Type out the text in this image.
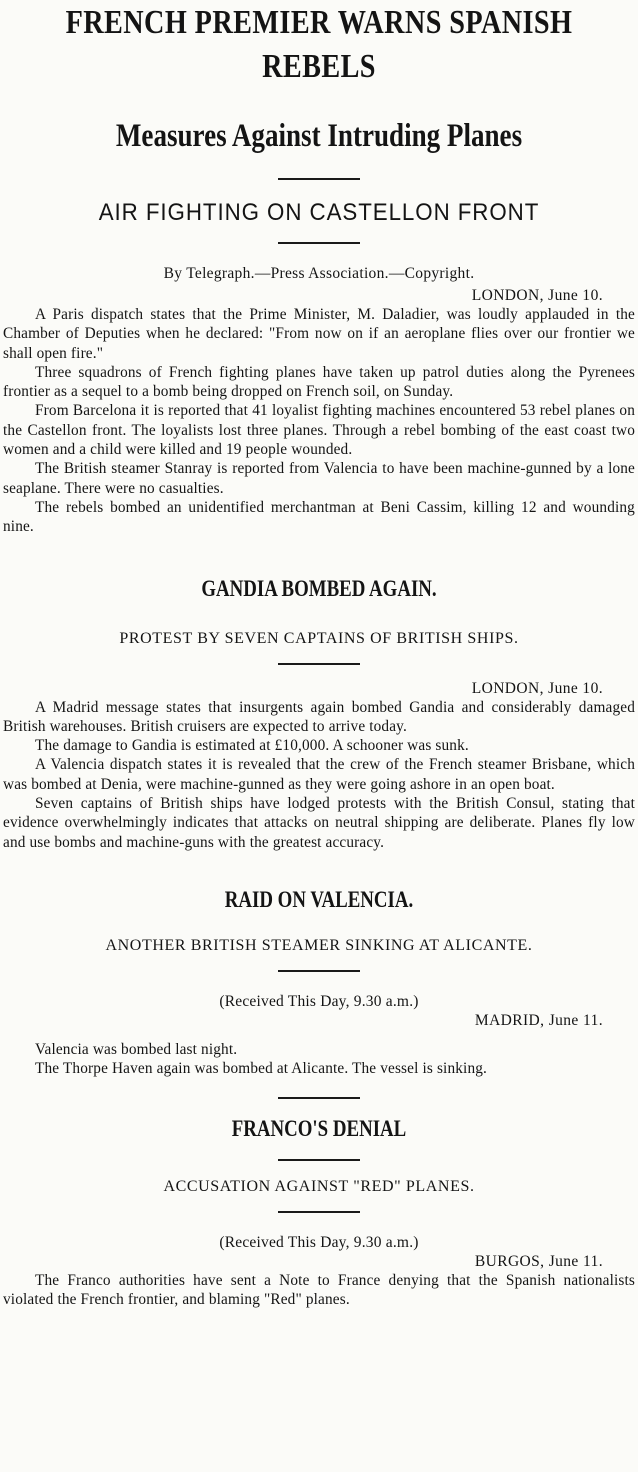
FRENCH PREMIER WARNS SPANISH
REBELS
Measures Against Intruding Planes
AIR FIGHTING ON CASTELLON FRONT
By Telegraph.—Press Association.—Copyright.
LONDON, June 10.

A Paris dispatch states that the Prime Minister, M. Daladier, was loudly applauded in the Chamber of Deputies when he declared: "From now on if an aeroplane flies over our frontier we shall open fire."

Three squadrons of French fighting planes have taken up patrol duties along the Pyrenees frontier as a sequel to a bomb being dropped on French soil, on Sunday.

From Barcelona it is reported that 41 loyalist fighting machines encountered 53 rebel planes on the Castellon front. The loyalists lost three planes. Through a rebel bombing of the east coast two women and a child were killed and 19 people wounded.

The British steamer Stanray is reported from Valencia to have been machine-gunned by a lone seaplane. There were no casualties.

The rebels bombed an unidentified merchantman at Beni Cassim, killing 12 and wounding nine.

GANDIA BOMBED AGAIN.
PROTEST BY SEVEN CAPTAINS OF BRITISH SHIPS.
LONDON, June 10.

A Madrid message states that insurgents again bombed Gandia and considerably damaged British warehouses. British cruisers are expected to arrive today.

The damage to Gandia is estimated at £10,000. A schooner was sunk.

A Valencia dispatch states it is revealed that the crew of the French steamer Brisbane, which was bombed at Denia, were machine-gunned as they were going ashore in an open boat.

Seven captains of British ships have lodged protests with the British Consul, stating that evidence overwhelmingly indicates that attacks on neutral shipping are deliberate. Planes fly low and use bombs and machine-guns with the greatest accuracy.

RAID ON VALENCIA.
ANOTHER BRITISH STEAMER SINKING AT ALICANTE.
(Received This Day, 9.30 a.m.)
MADRID, June 11.

Valencia was bombed last night.

The Thorpe Haven again was bombed at Alicante. The vessel is sinking.

FRANCO'S DENIAL
ACCUSATION AGAINST "RED" PLANES.
(Received This Day, 9.30 a.m.)
BURGOS, June 11.

The Franco authorities have sent a Note to France denying that the Spanish nationalists violated the French frontier, and blaming "Red" planes.
